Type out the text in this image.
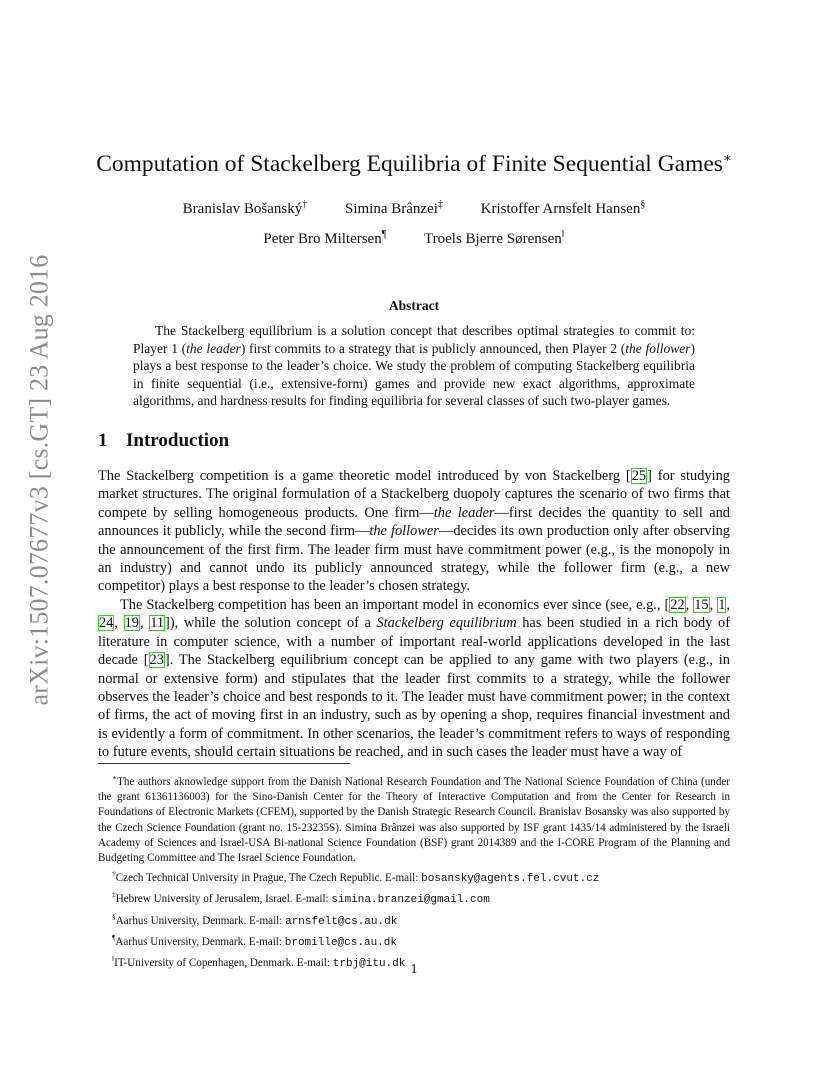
arXiv:1507.07677v3 [cs.GT] 23 Aug 2016
Computation of Stackelberg Equilibria of Finite Sequential Games∗
Branislav Bošanský†	Simina Brânzei‡	Kristoffer Arnsfelt Hansen§
Peter Bro Miltersen¶	Troels Bjerre Sørensen‖
Abstract
The Stackelberg equilibrium is a solution concept that describes optimal strategies to commit to: Player 1 (the leader) first commits to a strategy that is publicly announced, then Player 2 (the follower) plays a best response to the leader’s choice. We study the problem of computing Stackelberg equilibria in finite sequential (i.e., extensive-form) games and provide new exact algorithms, approximate algorithms, and hardness results for finding equilibria for several classes of such two-player games.
1 Introduction
The Stackelberg competition is a game theoretic model introduced by von Stackelberg [25] for studying market structures. The original formulation of a Stackelberg duopoly captures the scenario of two firms that compete by selling homogeneous products. One firm—the leader—first decides the quantity to sell and announces it publicly, while the second firm—the follower—decides its own production only after observing the announcement of the first firm. The leader firm must have commitment power (e.g., is the monopoly in an industry) and cannot undo its publicly announced strategy, while the follower firm (e.g., a new competitor) plays a best response to the leader’s chosen strategy.
The Stackelberg competition has been an important model in economics ever since (see, e.g., [22, 15, 1, 24, 19, 11]), while the solution concept of a Stackelberg equilibrium has been studied in a rich body of literature in computer science, with a number of important real-world applications developed in the last decade [23]. The Stackelberg equilibrium concept can be applied to any game with two players (e.g., in normal or extensive form) and stipulates that the leader first commits to a strategy, while the follower observes the leader’s choice and best responds to it. The leader must have commitment power; in the context of firms, the act of moving first in an industry, such as by opening a shop, requires financial investment and is evidently a form of commitment. In other scenarios, the leader’s commitment refers to ways of responding to future events, should certain situations be reached, and in such cases the leader must have a way of
∗The authors aknowledge support from the Danish National Research Foundation and The National Science Foundation of China (under the grant 61361136003) for the Sino-Danish Center for the Theory of Interactive Computation and from the Center for Research in Foundations of Electronic Markets (CFEM), supported by the Danish Strategic Research Council. Branislav Bosansky was also supported by the Czech Science Foundation (grant no. 15-23235S). Simina Brânzei was also supported by ISF grant 1435/14 administered by the Israeli Academy of Sciences and Israel-USA Bi-national Science Foundation (BSF) grant 2014389 and the I-CORE Program of the Planning and Budgeting Committee and The Israel Science Foundation.
†Czech Technical University in Prague, The Czech Republic. E-mail: bosansky@agents.fel.cvut.cz
‡Hebrew University of Jerusalem, Israel. E-mail: simina.branzei@gmail.com
§Aarhus University, Denmark. E-mail: arnsfelt@cs.au.dk
¶Aarhus University, Denmark. E-mail: bromille@cs.au.dk
‖IT-University of Copenhagen, Denmark. E-mail: trbj@itu.dk 1
